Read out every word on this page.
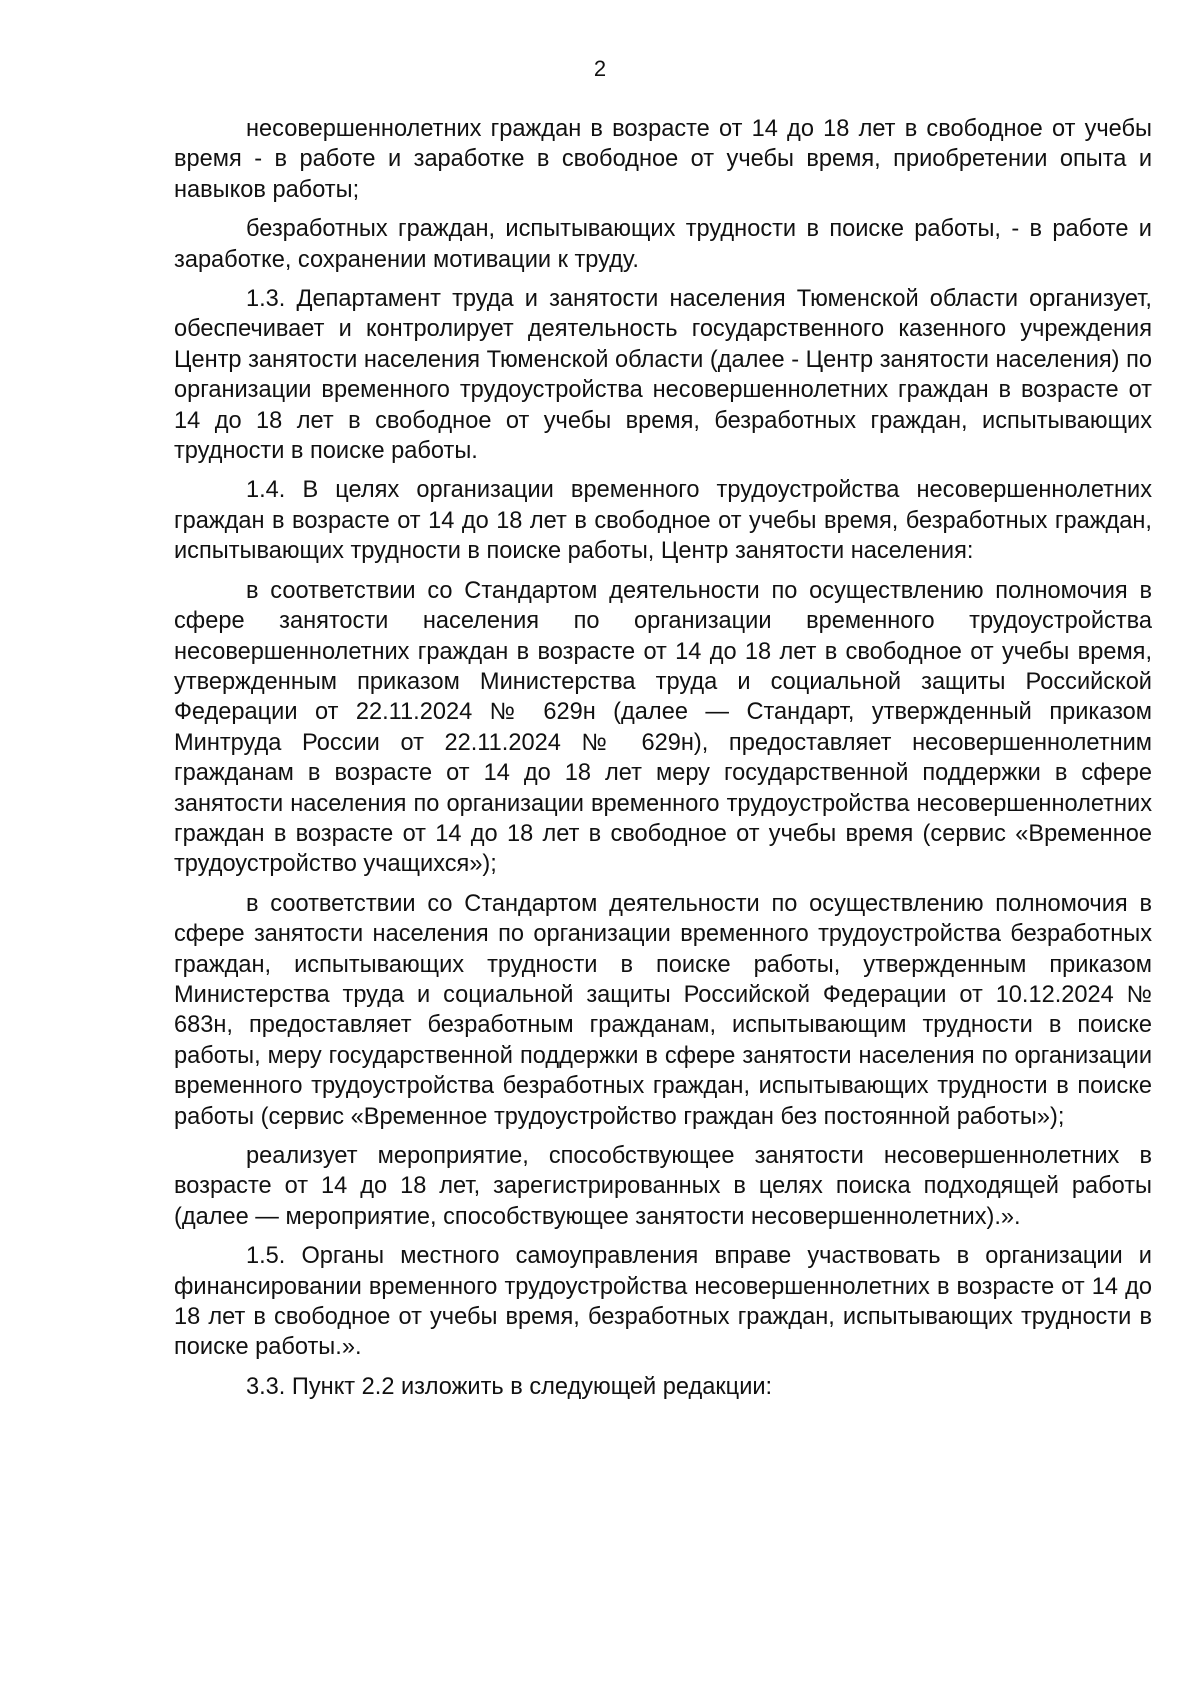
2

несовершеннолетних граждан в возрасте от 14 до 18 лет в свободное от учебы время - в работе и заработке в свободное от учебы время, приобретении опыта и навыков работы;

безработных граждан, испытывающих трудности в поиске работы, - в работе и заработке, сохранении мотивации к труду.

1.3. Департамент труда и занятости населения Тюменской области организует, обеспечивает и контролирует деятельность государственного казенного учреждения Центр занятости населения Тюменской области (далее - Центр занятости населения) по организации временного трудоустройства несовершеннолетних граждан в возрасте от 14 до 18 лет в свободное от учебы время, безработных граждан, испытывающих трудности в поиске работы.

1.4. В целях организации временного трудоустройства несовершеннолетних граждан в возрасте от 14 до 18 лет в свободное от учебы время, безработных граждан, испытывающих трудности в поиске работы, Центр занятости населения:

в соответствии со Стандартом деятельности по осуществлению полномочия в сфере занятости населения по организации временного трудоустройства несовершеннолетних граждан в возрасте от 14 до 18 лет в свободное от учебы время, утвержденным приказом Министерства труда и социальной защиты Российской Федерации от 22.11.2024 № 629н (далее — Стандарт, утвержденный приказом Минтруда России от 22.11.2024 № 629н), предоставляет несовершеннолетним гражданам в возрасте от 14 до 18 лет меру государственной поддержки в сфере занятости населения по организации временного трудоустройства несовершеннолетних граждан в возрасте от 14 до 18 лет в свободное от учебы время (сервис «Временное трудоустройство учащихся»);

в соответствии со Стандартом деятельности по осуществлению полномочия в сфере занятости населения по организации временного трудоустройства безработных граждан, испытывающих трудности в поиске работы, утвержденным приказом Министерства труда и социальной защиты Российской Федерации от 10.12.2024 № 683н, предоставляет безработным гражданам, испытывающим трудности в поиске работы, меру государственной поддержки в сфере занятости населения по организации временного трудоустройства безработных граждан, испытывающих трудности в поиске работы (сервис «Временное трудоустройство граждан без постоянной работы»);

реализует мероприятие, способствующее занятости несовершеннолетних в возрасте от 14 до 18 лет, зарегистрированных в целях поиска подходящей работы (далее — мероприятие, способствующее занятости несовершеннолетних).».

1.5. Органы местного самоуправления вправе участвовать в организации и финансировании временного трудоустройства несовершеннолетних в возрасте от 14 до 18 лет в свободное от учебы время, безработных граждан, испытывающих трудности в поиске работы.».

3.3. Пункт 2.2 изложить в следующей редакции:
